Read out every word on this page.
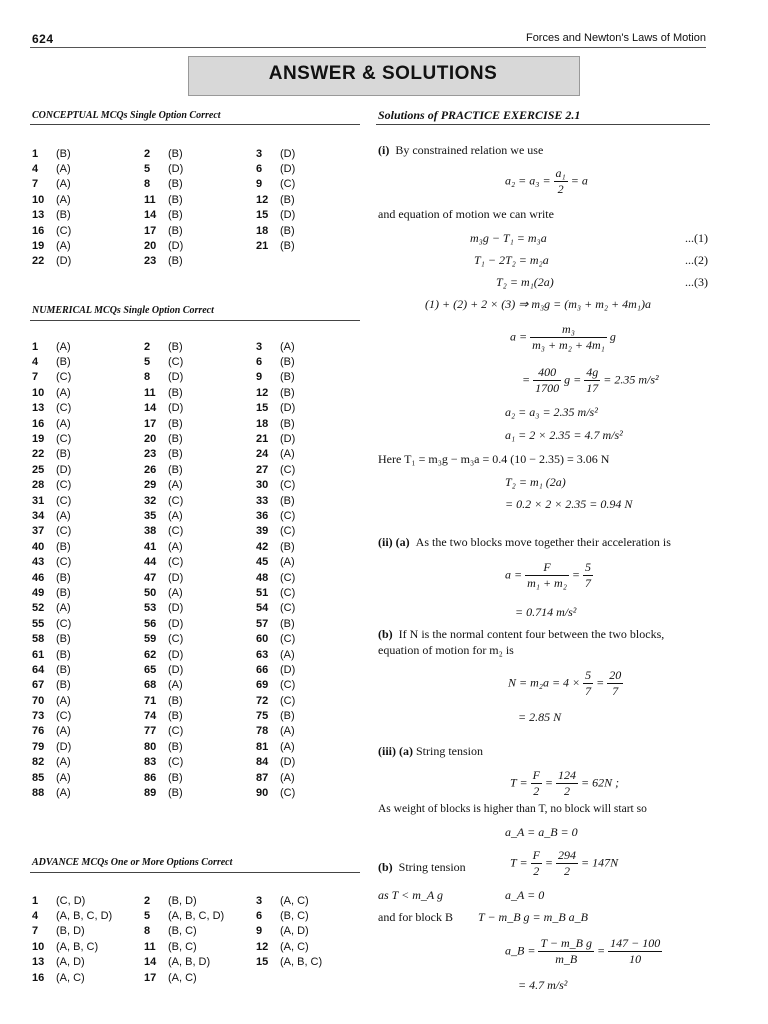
624	Forces and Newton's Laws of Motion
ANSWER & SOLUTIONS
CONCEPTUAL MCQs Single Option Correct
1	(B)	2	(B)	3	(D)
4	(A)	5	(D)	6	(D)
7	(A)	8	(B)	9	(C)
10	(A)	11	(B)	12	(B)
13	(B)	14	(B)	15	(D)
16	(C)	17	(B)	18	(B)
19	(A)	20	(D)	21	(B)
22	(D)	23	(B)
NUMERICAL MCQs Single Option Correct
1	(A)	2	(B)	3	(A)
4	(B)	5	(C)	6	(B)
7	(C)	8	(D)	9	(B)
10	(A)	11	(B)	12	(B)
13	(C)	14	(D)	15	(D)
16	(A)	17	(B)	18	(B)
19	(C)	20	(B)	21	(D)
22	(B)	23	(B)	24	(A)
25	(D)	26	(B)	27	(C)
28	(C)	29	(A)	30	(C)
31	(C)	32	(C)	33	(B)
34	(A)	35	(A)	36	(C)
37	(C)	38	(C)	39	(C)
40	(B)	41	(A)	42	(B)
43	(C)	44	(C)	45	(A)
46	(B)	47	(D)	48	(C)
49	(B)	50	(A)	51	(C)
52	(A)	53	(D)	54	(C)
55	(C)	56	(D)	57	(B)
58	(B)	59	(C)	60	(C)
61	(B)	62	(D)	63	(A)
64	(B)	65	(D)	66	(D)
67	(B)	68	(A)	69	(C)
70	(A)	71	(B)	72	(C)
73	(C)	74	(B)	75	(B)
76	(A)	77	(C)	78	(A)
79	(D)	80	(B)	81	(A)
82	(A)	83	(C)	84	(D)
85	(A)	86	(B)	87	(A)
88	(A)	89	(B)	90	(C)
ADVANCE MCQs One or More Options Correct
1	(C, D)	2	(B, D)	3	(A, C)
4	(A, B, C, D)	5	(A, B, C, D)	6	(B, C)
7	(B, D)	8	(B, C)	9	(A, D)
10	(A, B, C)	11	(B, C)	12	(A, C)
13	(A, D)	14	(A, B, D)	15	(A, B, C)
16	(A, C)	17	(A, C)
Solutions of PRACTICE EXERCISE 2.1
(i) By constrained relation we use
$a_2 = a_3 = \frac{\text{a₁}}{2} = a$
and equation of motion we can write
m₃g − T₁ = m₃a	...(1)
T₁ − 2T₂ = m₂a	...(2)
T₂ = m₁(2a)	...(3)
(1) + (2) + 2 × (3) ⇒ m₃g = (m₃ + m₂ + 4m₁)a
$a = \frac{\text{m₃}}{\text{m₃ + m₂ + 4m₁}}$ g
= $\frac{400}{1700}$ $g = \frac{4g}{17} = 2.35$ m/s²
a₂ = a₃ = 2.35 m/s²
a₁ = 2 × 2.35 = 4.7 m/s²
Here T₁ = m₃g − m₃a = 0.4 (10 − 2.35) = 3.06 N
T₂ = m₁ (2a)
= 0.2 × 2 × 2.35 = 0.94 N
(ii) (a) As the two blocks move together their acceleration is
$a = \frac{F}{\text{m₁ + m₂}} = \frac{5}{7}$
= 0.714 m/s²
(b) If N is the normal content four between the two blocks, equation of motion for m₂ is
$N = m_2a = 4 \times \frac{5}{7} = \frac{20}{7}$
= 2.85 N
(iii) (a) String tension
$T = \frac{F}{2} = \frac{124}{2} = 62N$ ;
As weight of blocks is higher than T, no block will start so
a_A = a_B = 0
(b) String tension	$T = \frac{F}{2} = \frac{294}{2} = 147N$
as T < m_A g	a_A = 0
and for block B	T − m_B g = m_B a_B
a_B = $\frac{\text{T − m\_B g}}{m\_B} = \frac{147 - 100}{10}$
= 4.7 m/s²
